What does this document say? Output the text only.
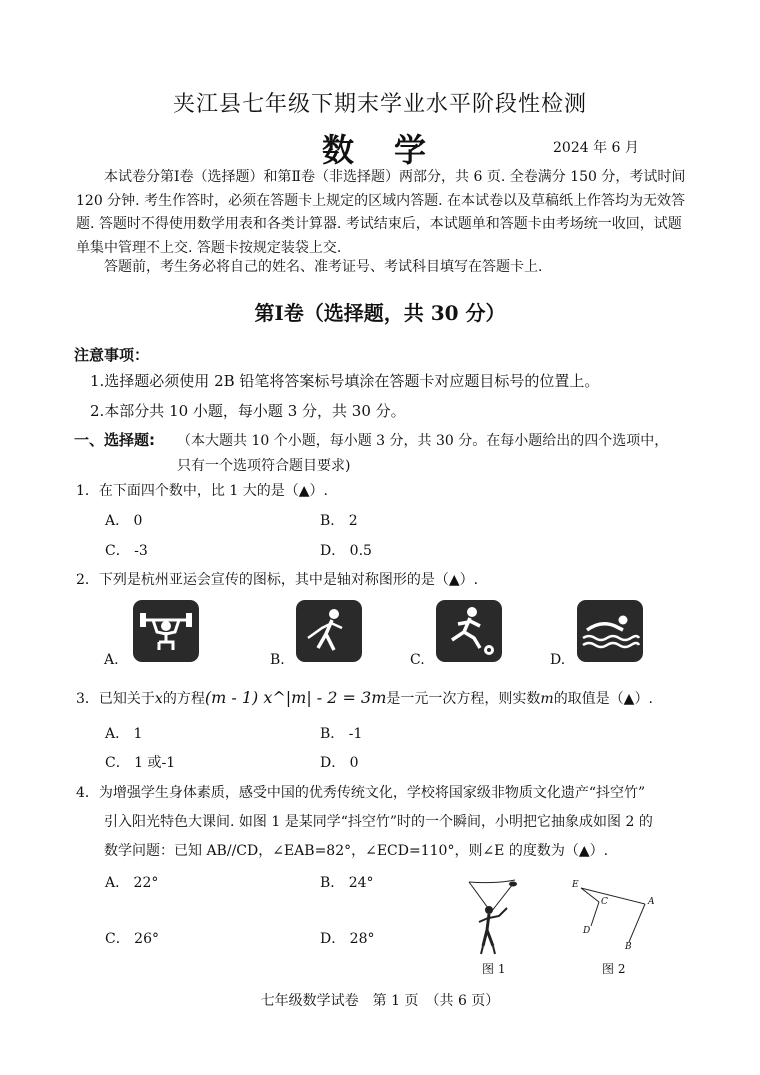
夹江县七年级下期末学业水平阶段性检测
数学	2024 年 6 月
本试卷分第Ⅰ卷（选择题）和第Ⅱ卷（非选择题）两部分，共 6 页. 全卷满分 150 分，考试时间 120 分钟. 考生作答时，必须在答题卡上规定的区域内答题. 在本试卷以及草稿纸上作答均为无效答题. 答题时不得使用数学用表和各类计算器. 考试结束后，本试题单和答题卡由考场统一收回，试题单集中管理不上交. 答题卡按规定装袋上交.
答题前，考生务必将自己的姓名、准考证号、考试科目填写在答题卡上.
第Ⅰ卷（选择题，共 30 分）
注意事项：
1.选择题必须使用 2B 铅笔将答案标号填涂在答题卡对应题目标号的位置上。
2.本部分共 10 小题，每小题 3 分，共 30 分。
一、选择题: （本大题共 10 个小题，每小题 3 分，共 30 分。在每小题给出的四个选项中，
只有一个选项符合题目要求)
1．在下面四个数中，比 1 大的是（▲）.
A． 0	B． 2
C． -3	D． 0.5
2．下列是杭州亚运会宣传的图标，其中是轴对称图形的是（▲）.
A.	B.	C.	D.
3．已知关于x的方程(m - 1) x^|m| - 2 = 3m是一元一次方程，则实数m的取值是（▲）.
A． 1	B． -1
C． 1 或-1	D． 0
4．为增强学生身体素质，感受中国的优秀传统文化，学校将国家级非物质文化遗产“抖空竹”
引入阳光特色大课间. 如图 1 是某同学“抖空竹”时的一个瞬间，小明把它抽象成如图 2 的
数学问题：已知 AB//CD，∠EAB=82°，∠ECD=110°，则∠E 的度数为（▲）.
A． 22°	B． 24°
C． 26°	D． 28°
图 1
E
C	A
D
B
图 2
七年级数学试卷　第 1 页　（共 6 页）
